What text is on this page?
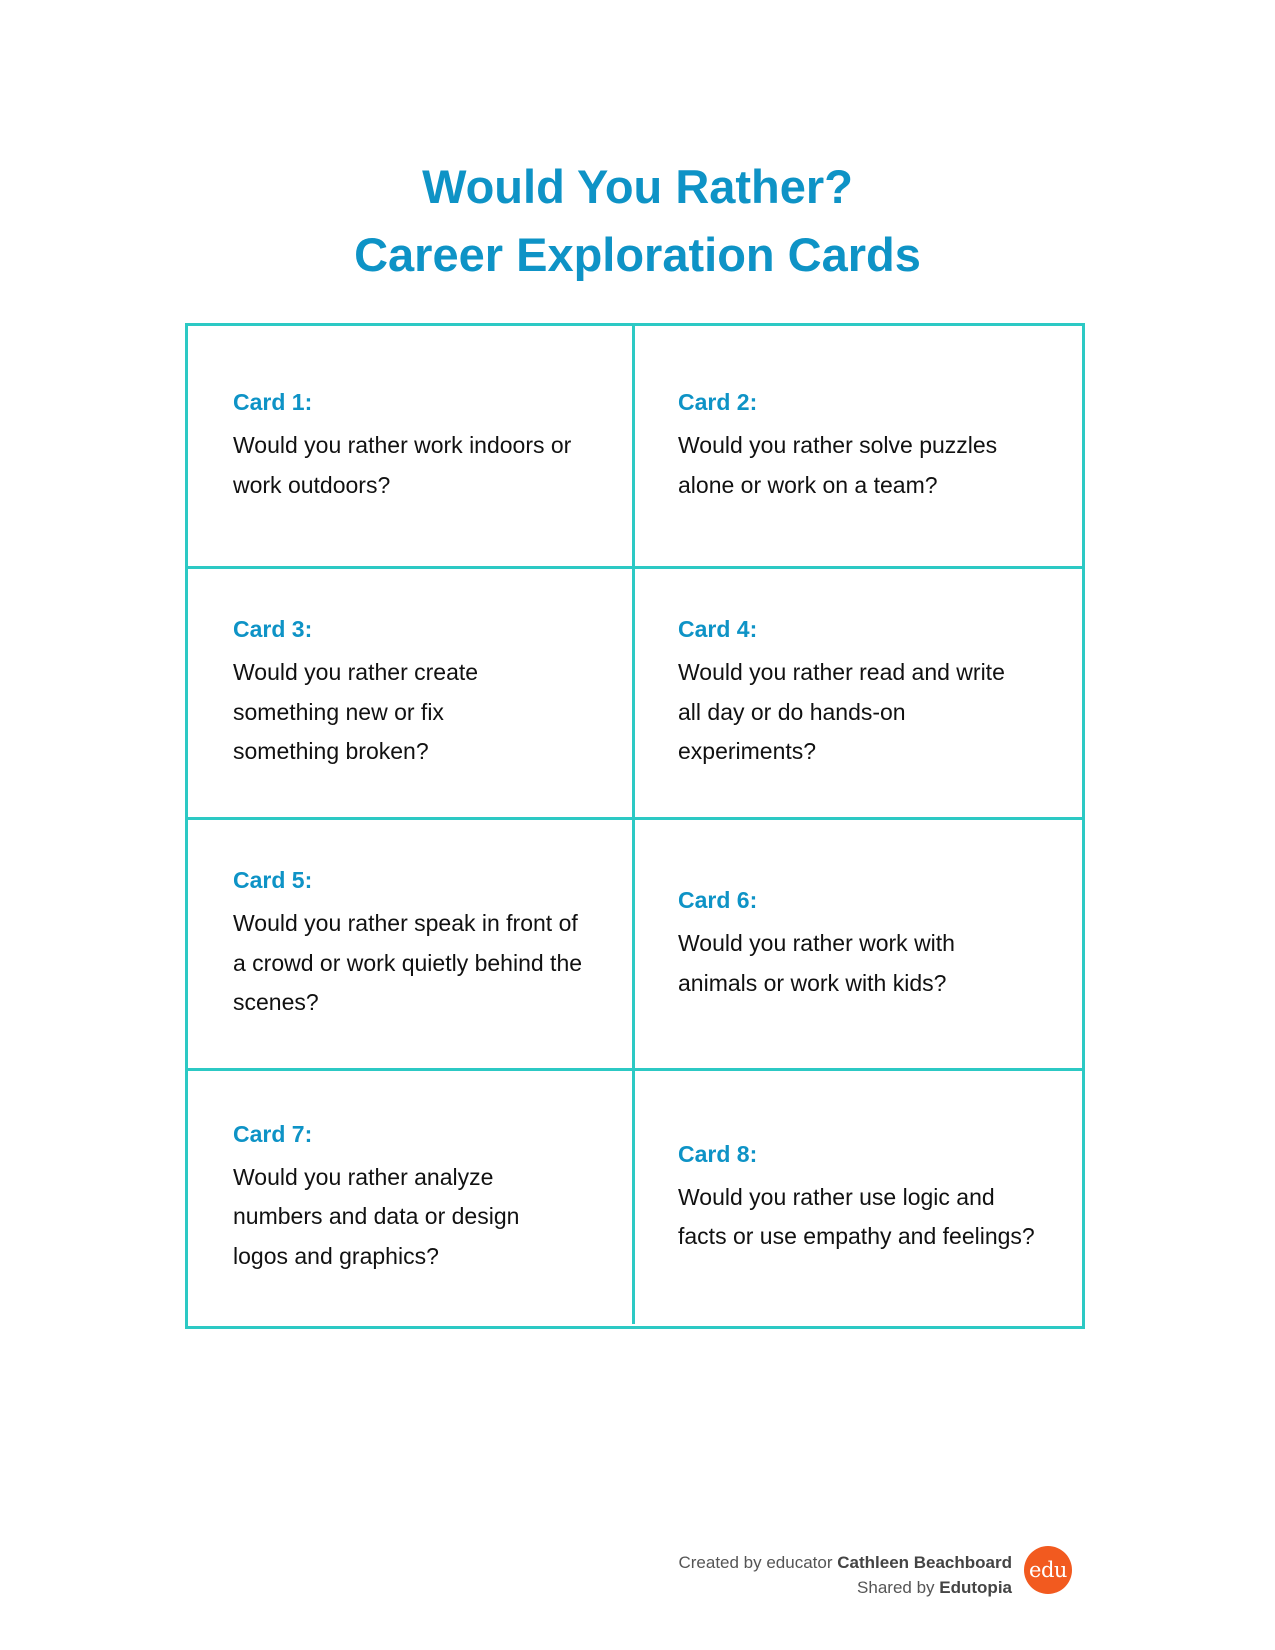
Would You Rather?
Career Exploration Cards
Card 1:
Would you rather work indoors or work outdoors?
Card 2:
Would you rather solve puzzles alone or work on a team?
Card 3:
Would you rather create something new or fix something broken?
Card 4:
Would you rather read and write all day or do hands-on experiments?
Card 5:
Would you rather speak in front of a crowd or work quietly behind the scenes?
Card 6:
Would you rather work with animals or work with kids?
Card 7:
Would you rather analyze numbers and data or design logos and graphics?
Card 8:
Would you rather use logic and facts or use empathy and feelings?
Created by educator Cathleen Beachboard
Shared by Edutopia
edu
